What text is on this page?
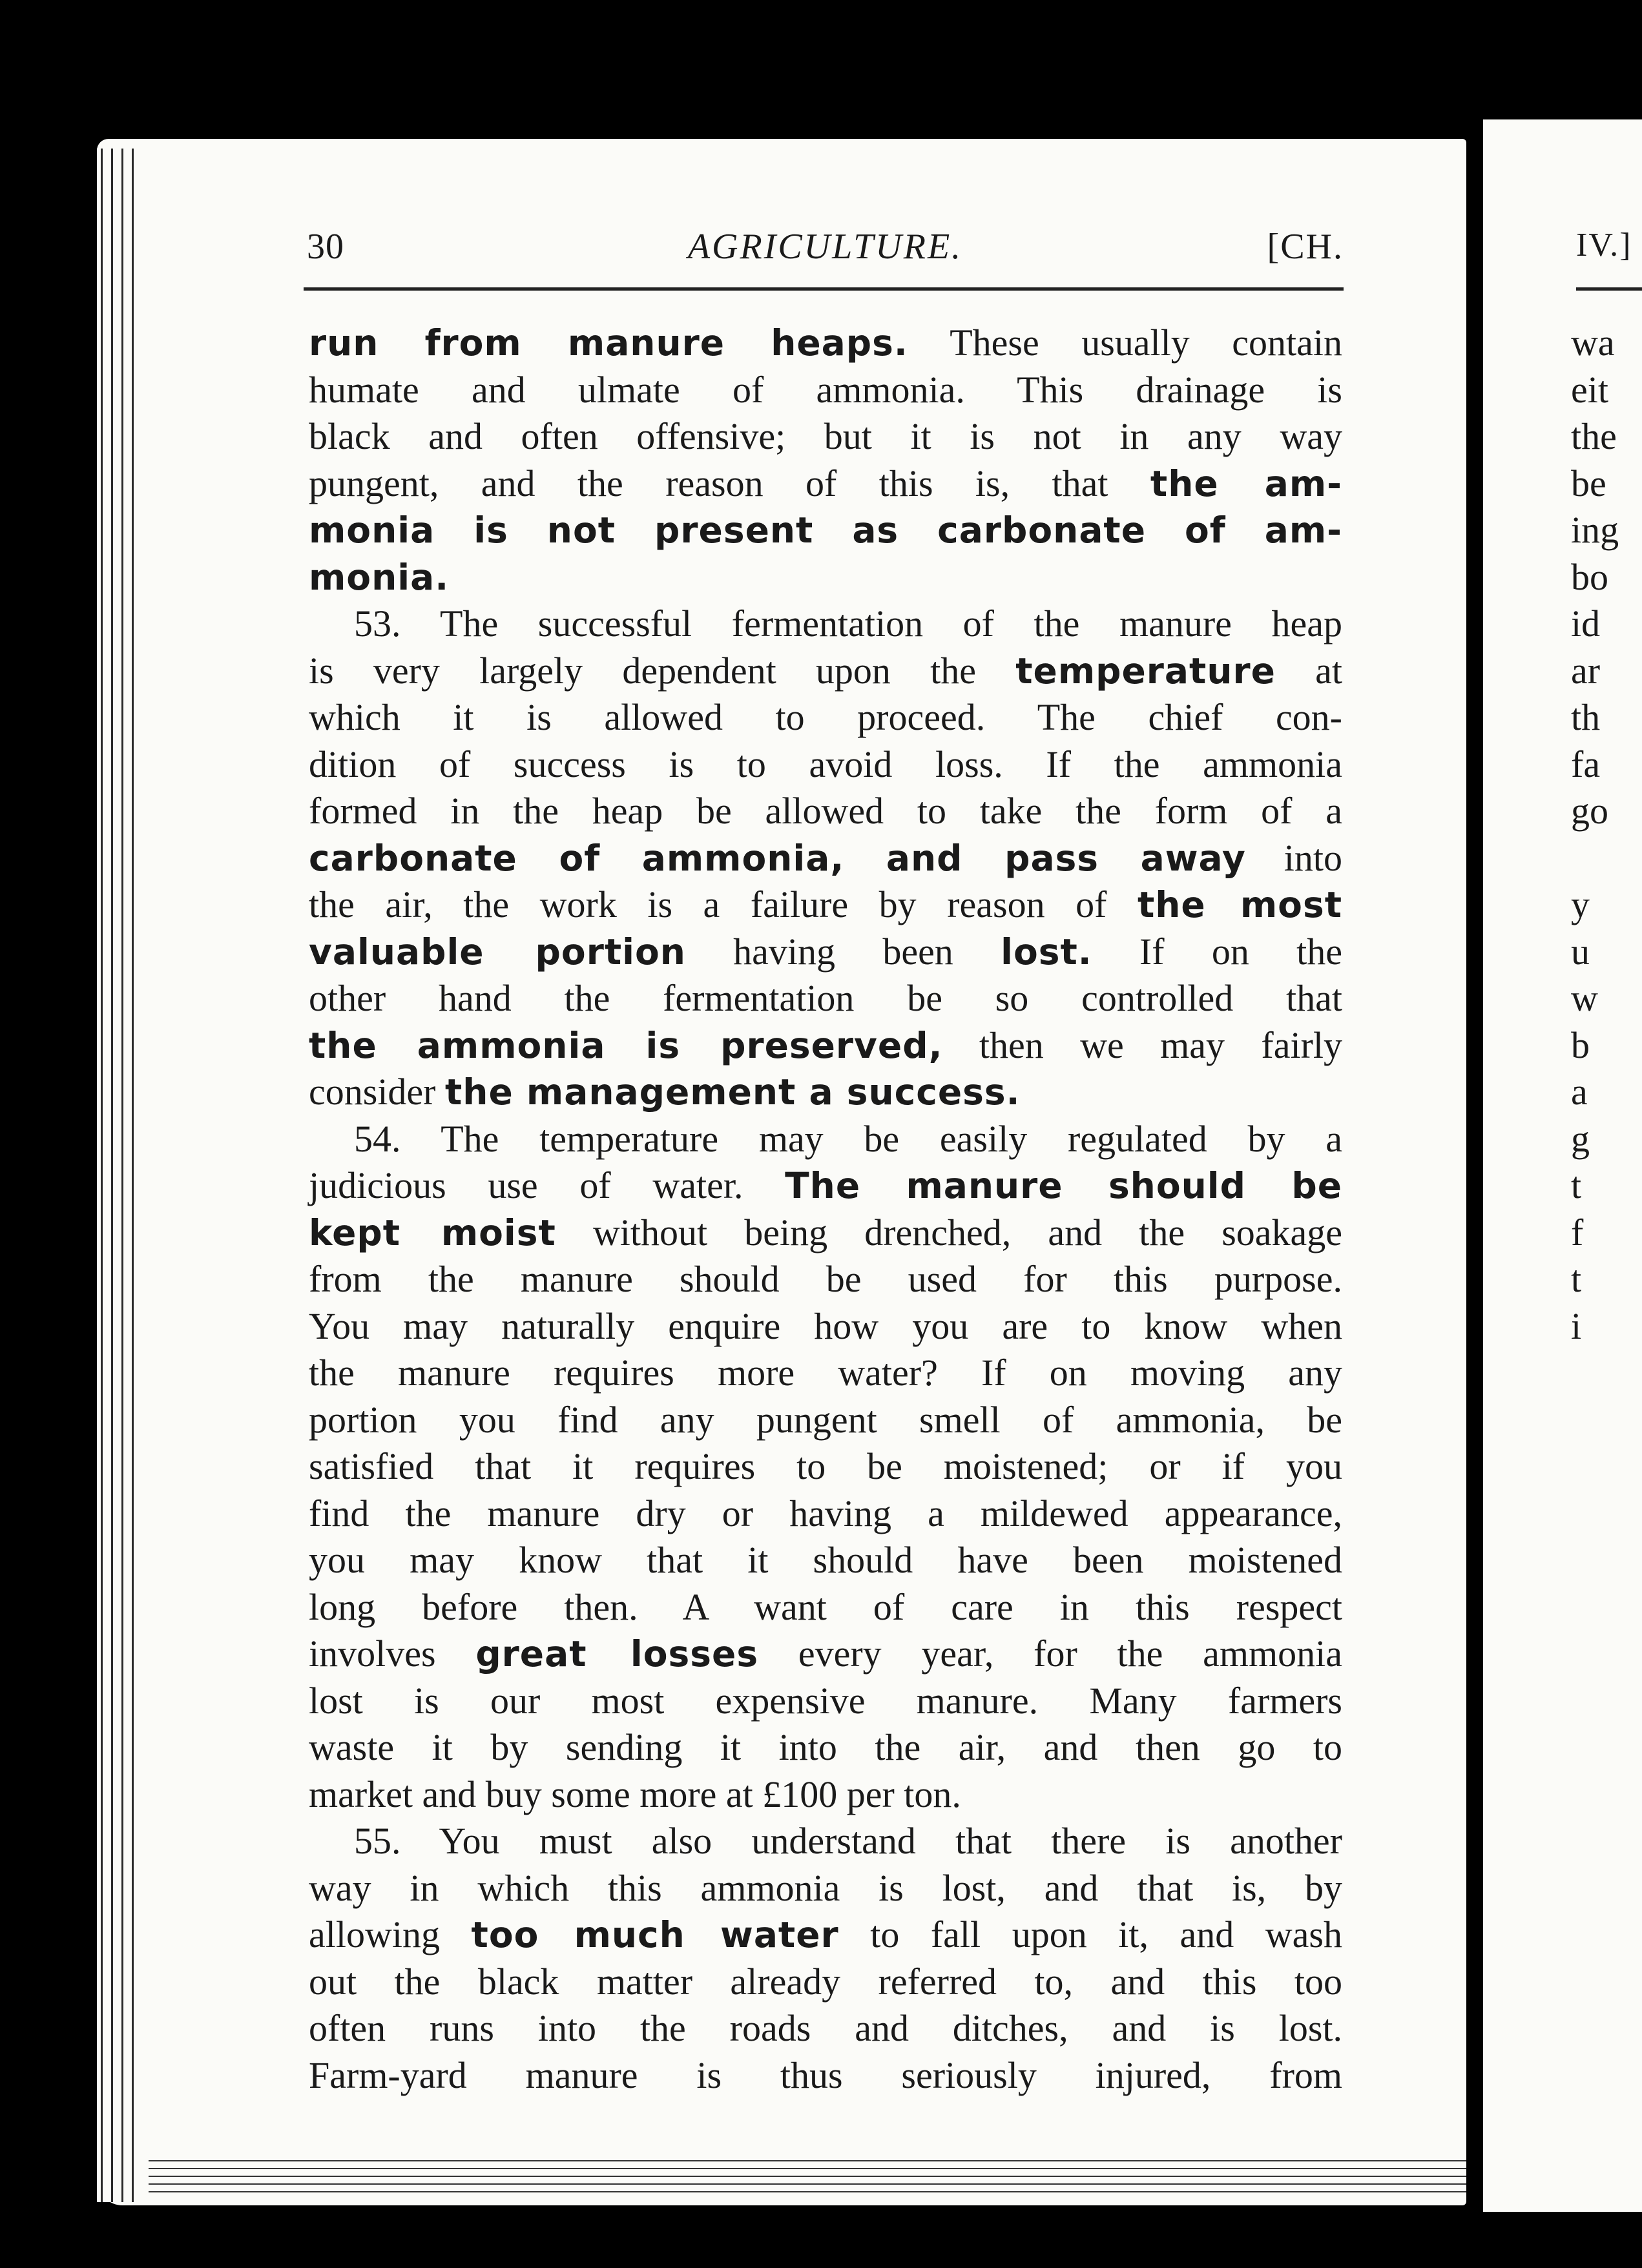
30	AGRICULTURE.	[CH.
run from manure heaps. These usually contain
humate and ulmate of ammonia. This drainage is
black and often offensive; but it is not in any way
pungent, and the reason of this is, that the am-
monia is not present as carbonate of am-
monia.
53. The successful fermentation of the manure heap
is very largely dependent upon the temperature at
which it is allowed to proceed. The chief con-
dition of success is to avoid loss. If the ammonia
formed in the heap be allowed to take the form of a
carbonate of ammonia, and pass away into
the air, the work is a failure by reason of the most
valuable portion having been lost. If on the
other hand the fermentation be so controlled that
the ammonia is preserved, then we may fairly
consider the management a success.
54. The temperature may be easily regulated by a
judicious use of water. The manure should be
kept moist without being drenched, and the soakage
from the manure should be used for this purpose.
You may naturally enquire how you are to know when
the manure requires more water? If on moving any
portion you find any pungent smell of ammonia, be
satisfied that it requires to be moistened; or if you
find the manure dry or having a mildewed appearance,
you may know that it should have been moistened
long before then. A want of care in this respect
involves great losses every year, for the ammonia
lost is our most expensive manure. Many farmers
waste it by sending it into the air, and then go to
market and buy some more at £100 per ton.
55. You must also understand that there is another
way in which this ammonia is lost, and that is, by
allowing too much water to fall upon it, and wash
out the black matter already referred to, and this too
often runs into the roads and ditches, and is lost.
Farm-yard manure is thus seriously injured, from
IV.]
wa
eit
the
be
ing
bo
id
ar
th
fa
go
y
u
w
b
a
g
t
f
t
i
